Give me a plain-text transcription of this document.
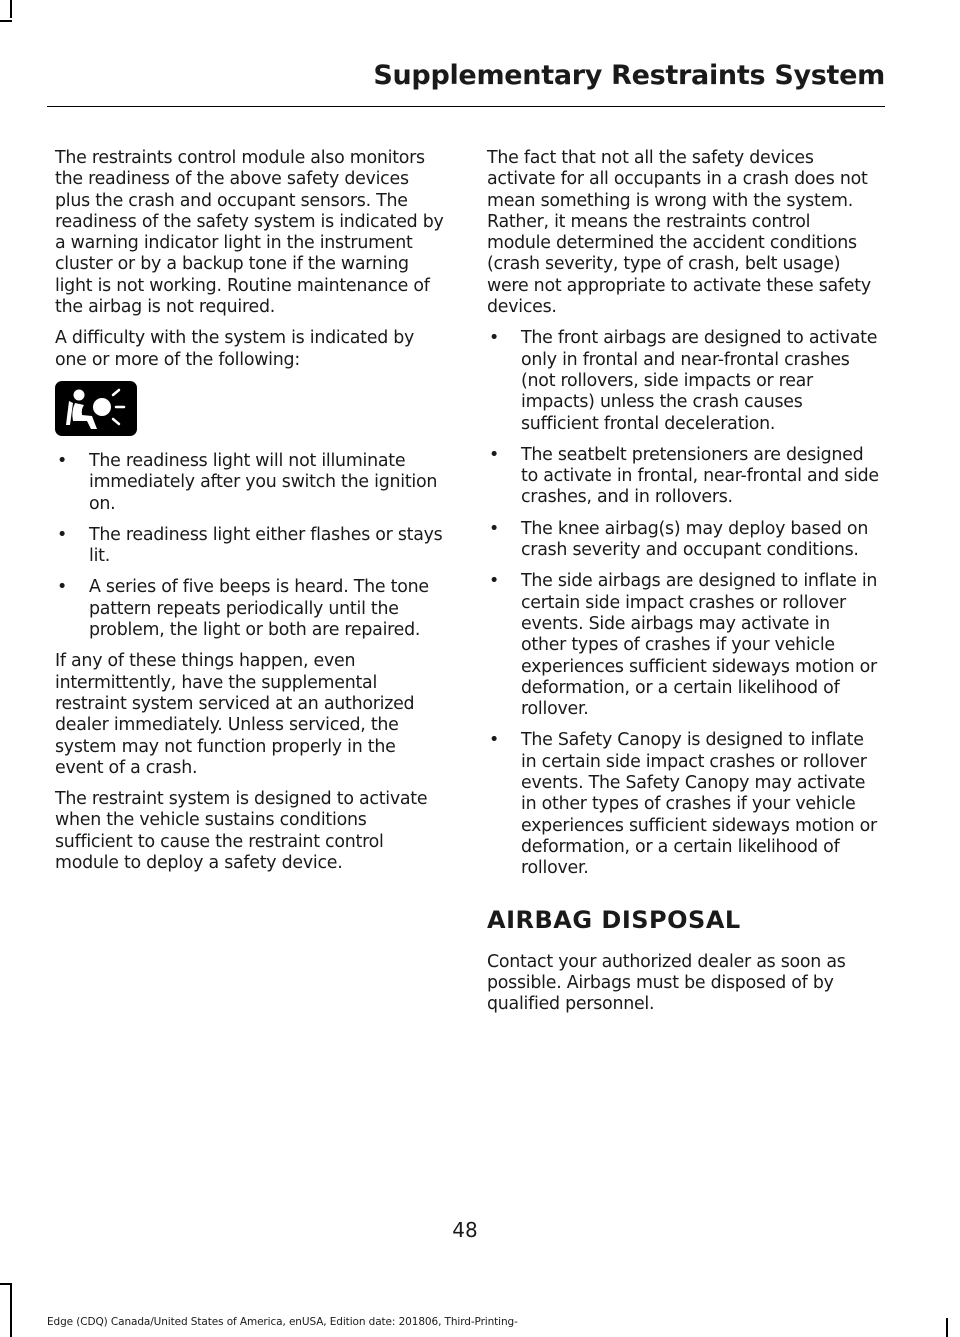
Supplementary Restraints System

The restraints control module also monitors the readiness of the above safety devices plus the crash and occupant sensors. The readiness of the safety system is indicated by a warning indicator light in the instrument cluster or by a backup tone if the warning light is not working. Routine maintenance of the airbag is not required.

A difficulty with the system is indicated by one or more of the following:

• The readiness light will not illuminate immediately after you switch the ignition on.
• The readiness light either flashes or stays lit.
• A series of five beeps is heard. The tone pattern repeats periodically until the problem, the light or both are repaired.

If any of these things happen, even intermittently, have the supplemental restraint system serviced at an authorized dealer immediately. Unless serviced, the system may not function properly in the event of a crash.

The restraint system is designed to activate when the vehicle sustains conditions sufficient to cause the restraint control module to deploy a safety device.

The fact that not all the safety devices activate for all occupants in a crash does not mean something is wrong with the system. Rather, it means the restraints control module determined the accident conditions (crash severity, type of crash, belt usage) were not appropriate to activate these safety devices.

• The front airbags are designed to activate only in frontal and near-frontal crashes (not rollovers, side impacts or rear impacts) unless the crash causes sufficient frontal deceleration.
• The seatbelt pretensioners are designed to activate in frontal, near-frontal and side crashes, and in rollovers.
• The knee airbag(s) may deploy based on crash severity and occupant conditions.
• The side airbags are designed to inflate in certain side impact crashes or rollover events. Side airbags may activate in other types of crashes if your vehicle experiences sufficient sideways motion or deformation, or a certain likelihood of rollover.
• The Safety Canopy is designed to inflate in certain side impact crashes or rollover events. The Safety Canopy may activate in other types of crashes if your vehicle experiences sufficient sideways motion or deformation, or a certain likelihood of rollover.
AIRBAG DISPOSAL

Contact your authorized dealer as soon as possible. Airbags must be disposed of by qualified personnel.

48
Edge (CDQ) Canada/United States of America, enUSA, Edition date: 201806, Third-Printing-
